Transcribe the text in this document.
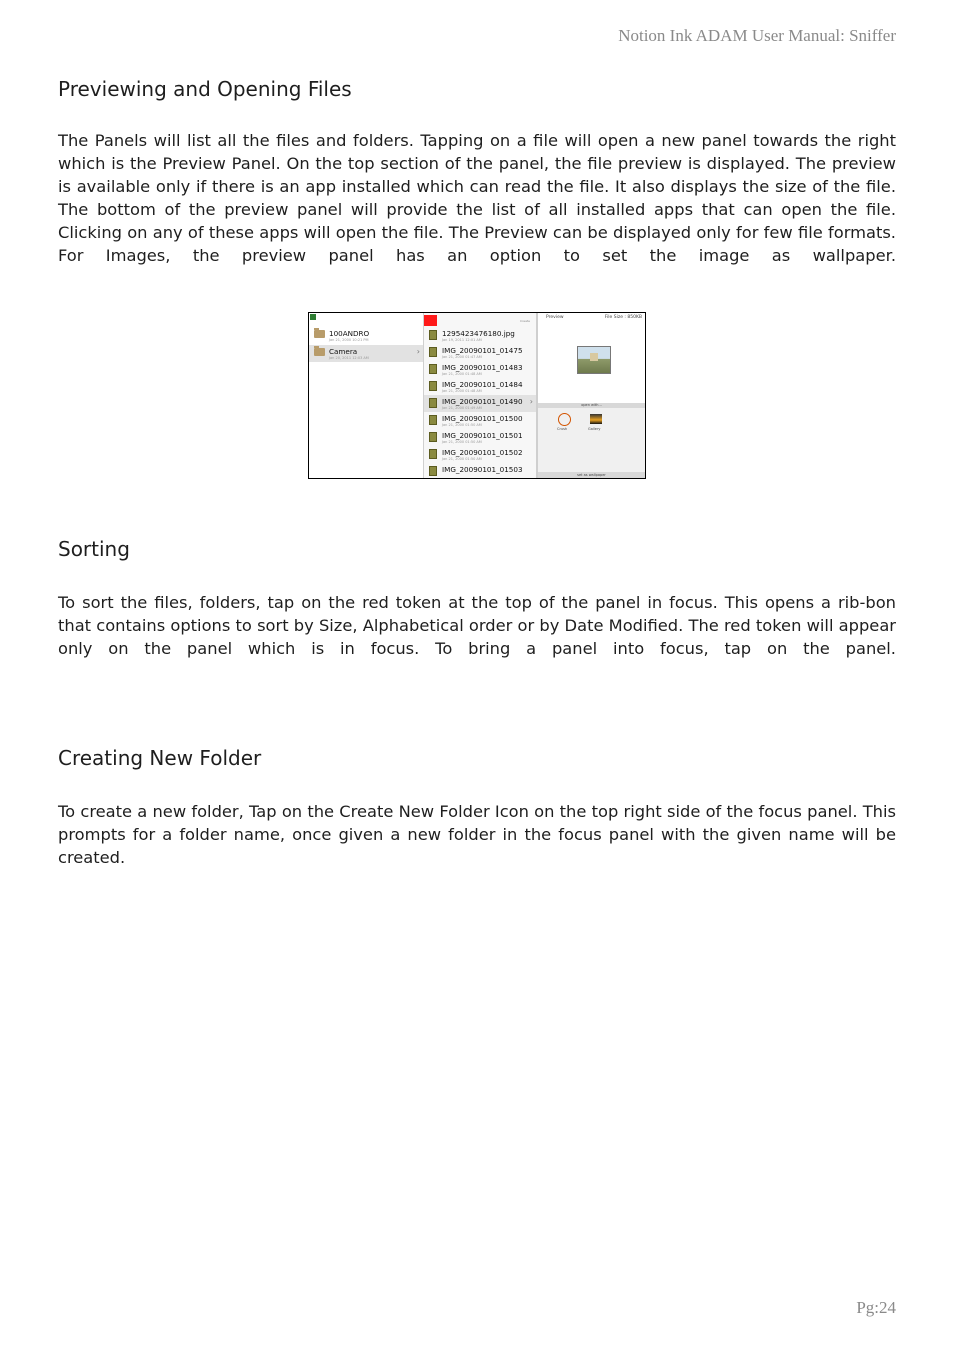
Notion Ink ADAM User Manual: Sniffer
Previewing and Opening Files

The Panels will list all the files and folders. Tapping on a file will open a new panel towards the right which is the Preview Panel. On the top section of the panel, the file preview is displayed. The preview is available only if there is an app installed which can read the file. It also displays the size of the file. The bottom of the preview panel will provide the list of all installed apps that can open the file. Clicking on any of these apps will open the file. The Preview can be displayed only for few file formats. For Images, the preview panel has an option to set the image as wallpaper.

100ANDRO
Jan 21, 2000 10:21 PM
Camera
Jan 20, 2011 12:03 AM
›
Create
1295423476180.jpg
Jan 19, 2011 12:01 AM
IMG_20090101_01475
Jan 21, 2000 01:47 AM
IMG_20090101_01483
Jan 21, 2000 01:48 AM
IMG_20090101_01484
Jan 21, 2000 01:48 AM
IMG_20090101_01490
Jan 21, 2000 01:49 AM
›
IMG_20090101_01500
Jan 21, 2000 01:50 AM
IMG_20090101_01501
Jan 21, 2000 01:50 AM
IMG_20090101_01502
Jan 21, 2000 01:50 AM
IMG_20090101_01503
Preview	File Size : 850KB
open with...
Crush	Gallery
set as wallpaper
Sorting

To sort the files, folders, tap on the red token at the top of the panel in focus. This opens a rib-bon that contains options to sort by Size, Alphabetical order or by Date Modified. The red token will appear only on the panel which is in focus. To bring a panel into focus, tap on the panel.

Creating New Folder

To create a new folder, Tap on the Create New Folder Icon on the top right side of the focus panel. This prompts for a folder name, once given a new folder in the focus panel with the given name will be created.

Pg:24
